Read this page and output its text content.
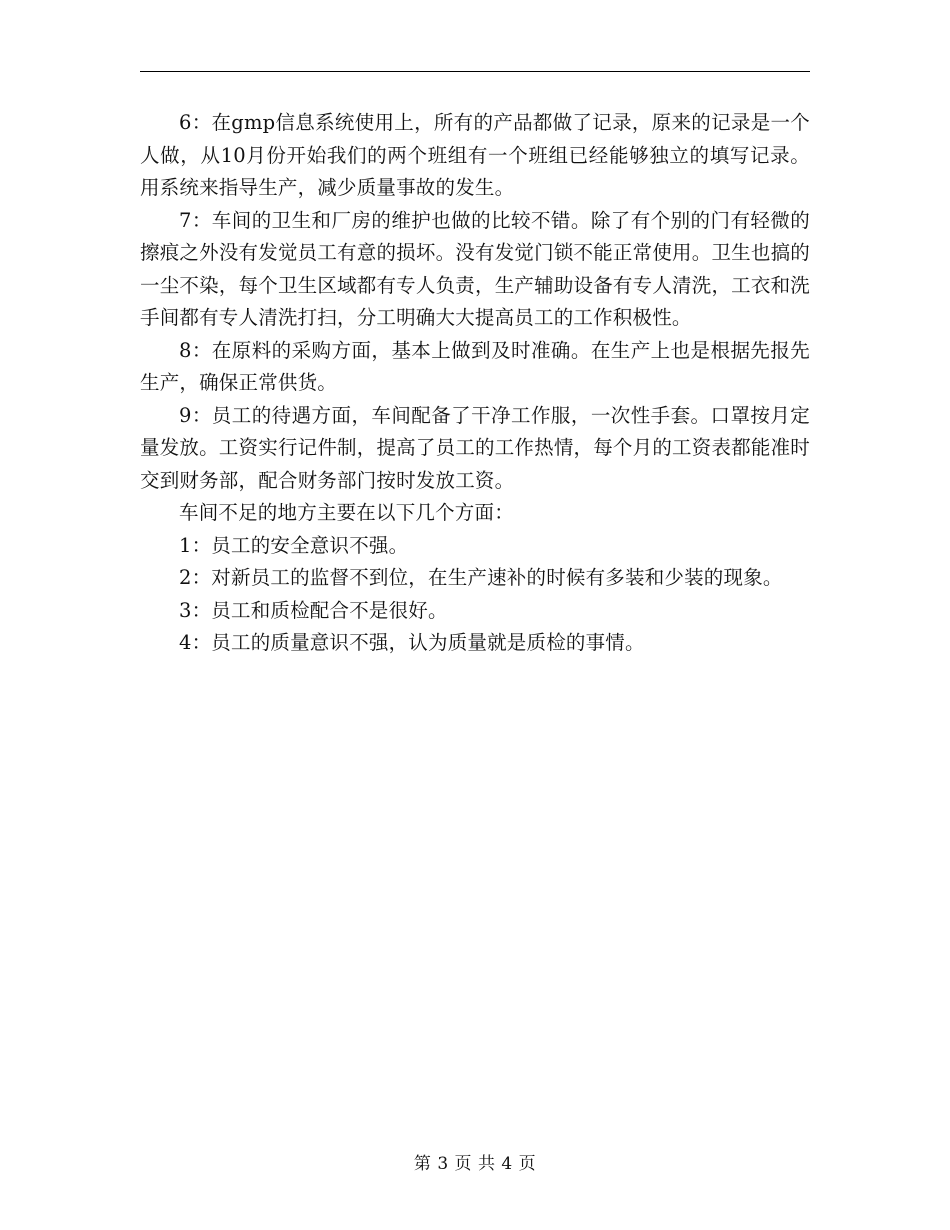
6：在gmp信息系统使用上，所有的产品都做了记录，原来的记录是一个人做，从10月份开始我们的两个班组有一个班组已经能够独立的填写记录。用系统来指导生产，减少质量事故的发生。

7：车间的卫生和厂房的维护也做的比较不错。除了有个别的门有轻微的擦痕之外没有发觉员工有意的损坏。没有发觉门锁不能正常使用。卫生也搞的一尘不染，每个卫生区域都有专人负责，生产辅助设备有专人清洗，工衣和洗手间都有专人清洗打扫，分工明确大大提高员工的工作积极性。

8：在原料的采购方面，基本上做到及时准确。在生产上也是根据先报先生产，确保正常供货。

9：员工的待遇方面，车间配备了干净工作服，一次性手套。口罩按月定量发放。工资实行记件制，提高了员工的工作热情，每个月的工资表都能准时交到财务部，配合财务部门按时发放工资。

车间不足的地方主要在以下几个方面：

1：员工的安全意识不强。

2：对新员工的监督不到位，在生产速补的时候有多装和少装的现象。

3：员工和质检配合不是很好。

4：员工的质量意识不强，认为质量就是质检的事情。

第 3 页 共 4 页
